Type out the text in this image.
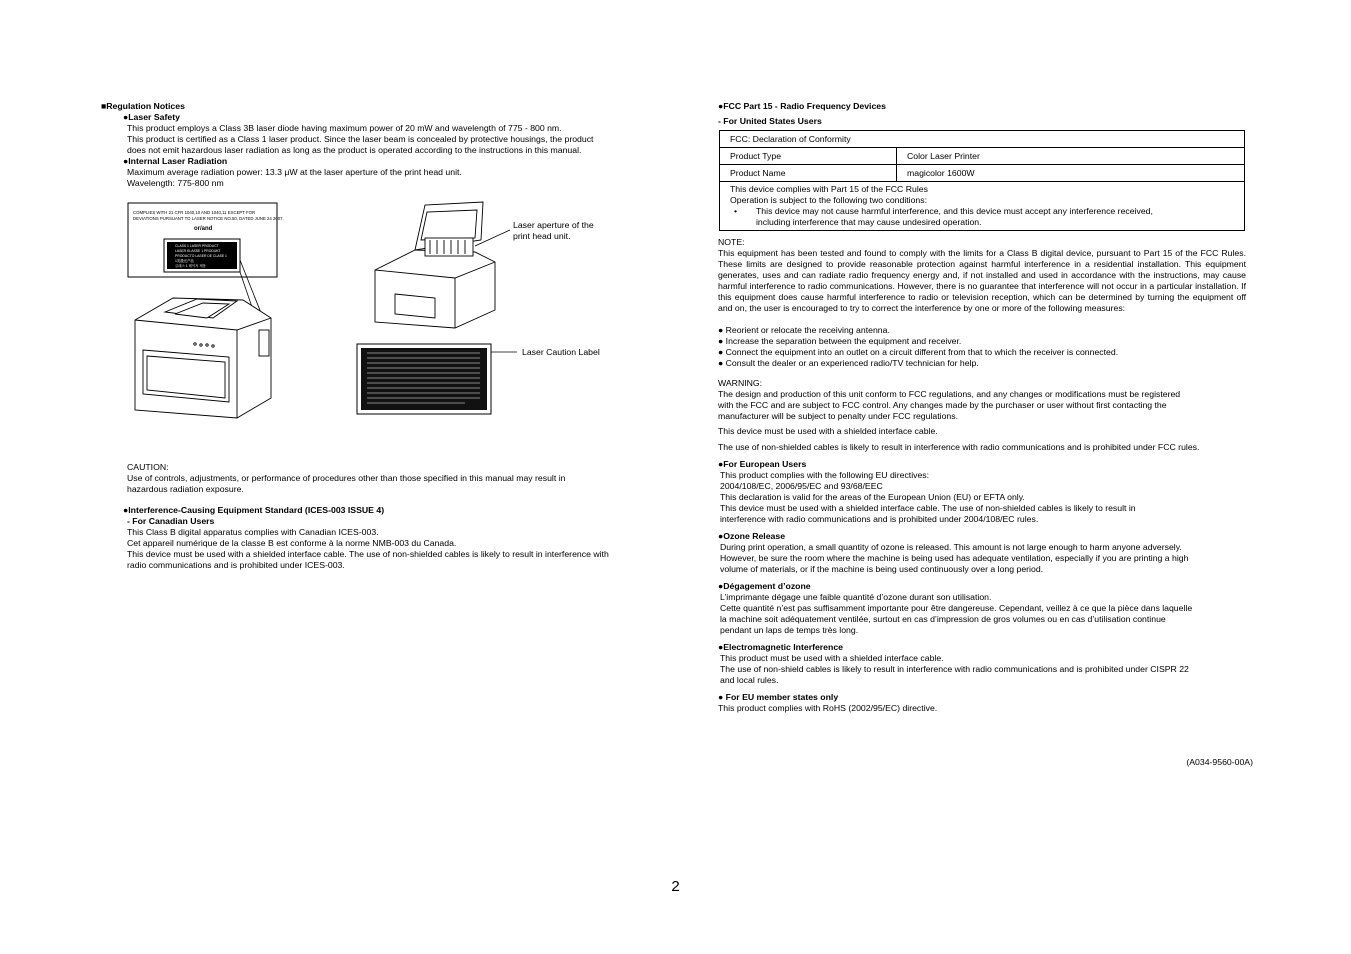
■Regulation Notices
●Laser Safety
This product employs a Class 3B laser diode having maximum power of 20 mW and wavelength of 775 - 800 nm.
This product is certified as a Class 1 laser product. Since the laser beam is concealed by protective housings, the product
does not emit hazardous laser radiation as long as the product is operated according to the instructions in this manual.
●Internal Laser Radiation
Maximum average radiation power: 13.3 μW at the laser aperture of the print head unit.
Wavelength: 775-800 nm
COMPLIES WITH 21 CFR 1040,10 AND 1040,11 EXCEPT FOR
DEVIATIONS PURSUANT TO LASER NOTICE NO.50, DATED JUNE 24 2007.
or/and
CLASS 1 LASER PRODUCT
LASER KLASSE 1 PRODUKT
PRODUCTO LASER DE CLASE 1
1类激光产品
클래스 1 레이저 제품
Laser aperture of the
print head unit.
Laser Caution Label
CAUTION:
Use of controls, adjustments, or performance of procedures other than those specified in this manual may result in
hazardous radiation exposure.
●Interference-Causing Equipment Standard (ICES-003 ISSUE 4)
- For Canadian Users
This Class B digital apparatus complies with Canadian ICES-003.
Cet appareil numérique de la classe B est conforme à la norme NMB-003 du Canada.
This device must be used with a shielded interface cable. The use of non-shielded cables is likely to result in interference with
radio communications and is prohibited under ICES-003.
●FCC Part 15 - Radio Frequency Devices
- For United States Users
FCC: Declaration of Conformity	
Product Type	Color Laser Printer
Product Name	magicolor 1600W

This device complies with Part 15 of the FCC Rules
Operation is subject to the following two conditions:
• This device may not cause harmful interference, and this device must accept any interference received,
including interference that may cause undesired operation.	
NOTE:
This equipment has been tested and found to comply with the limits for a Class B digital device, pursuant to Part 15 of the FCC Rules. These limits are designed to provide reasonable protection against harmful interference in a residential installation. This equipment generates, uses and can radiate radio frequency energy and, if not installed and used in accordance with the instructions, may cause harmful interference to radio communications. However, there is no guarantee that interference will not occur in a particular installation. If this equipment does cause harmful interference to radio or television reception, which can be determined by turning the equipment off and on, the user is encouraged to try to correct the interference by one or more of the following measures:
● Reorient or relocate the receiving antenna.
● Increase the separation between the equipment and receiver.
● Connect the equipment into an outlet on a circuit different from that to which the receiver is connected.
● Consult the dealer or an experienced radio/TV technician for help.
WARNING:
The design and production of this unit conform to FCC regulations, and any changes or modifications must be registered
with the FCC and are subject to FCC control. Any changes made by the purchaser or user without first contacting the
manufacturer will be subject to penalty under FCC regulations.
This device must be used with a shielded interface cable.
The use of non-shielded cables is likely to result in interference with radio communications and is prohibited under FCC rules.
●For European Users
This product complies with the following EU directives:
2004/108/EC, 2006/95/EC and 93/68/EEC
This declaration is valid for the areas of the European Union (EU) or EFTA only.
This device must be used with a shielded interface cable. The use of non-shielded cables is likely to result in
interference with radio communications and is prohibited under 2004/108/EC rules.
●Ozone Release
During print operation, a small quantity of ozone is released. This amount is not large enough to harm anyone adversely.
However, be sure the room where the machine is being used has adequate ventilation, especially if you are printing a high
volume of materials, or if the machine is being used continuously over a long period.
●Dégagement d’ozone
L’imprimante dégage une faible quantité d’ozone durant son utilisation.
Cette quantité n’est pas suffisamment importante pour être dangereuse. Cependant, veillez à ce que la pièce dans laquelle
la machine soit adéquatement ventilée, surtout en cas d’impression de gros volumes ou en cas d’utilisation continue
pendant un laps de temps très long.
●Electromagnetic Interference
This product must be used with a shielded interface cable.
The use of non-shield cables is likely to result in interference with radio communications and is prohibited under CISPR 22
and local rules.
● For EU member states only
This product complies with RoHS (2002/95/EC) directive.
(A034-9560-00A)
2
